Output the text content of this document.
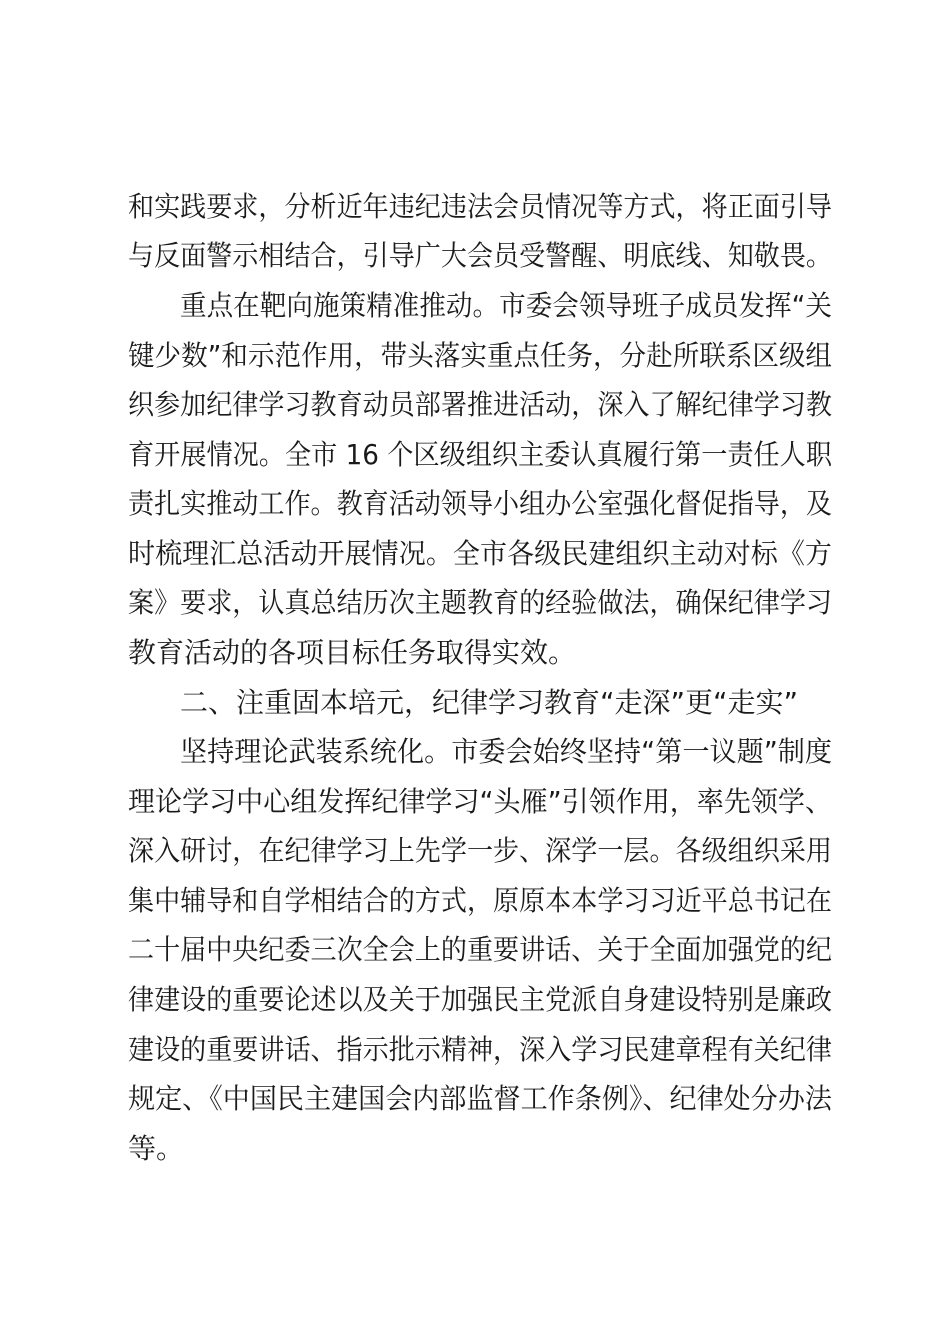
和实践要求，分析近年违纪违法会员情况等方式，将正面引导
与反面警示相结合，引导广大会员受警醒、明底线、知敬畏。
重点在靶向施策精准推动。市委会领导班子成员发挥“关
键少数”和示范作用，带头落实重点任务，分赴所联系区级组
织参加纪律学习教育动员部署推进活动，深入了解纪律学习教
育开展情况。全市 16 个区级组织主委认真履行第一责任人职
责扎实推动工作。教育活动领导小组办公室强化督促指导，及
时梳理汇总活动开展情况。全市各级民建组织主动对标《方
案》要求，认真总结历次主题教育的经验做法，确保纪律学习
教育活动的各项目标任务取得实效。
二、注重固本培元，纪律学习教育“走深”更“走实”
坚持理论武装系统化。市委会始终坚持“第一议题”制度
理论学习中心组发挥纪律学习“头雁”引领作用，率先领学、
深入研讨，在纪律学习上先学一步、深学一层。各级组织采用
集中辅导和自学相结合的方式，原原本本学习习近平总书记在
二十届中央纪委三次全会上的重要讲话、关于全面加强党的纪
律建设的重要论述以及关于加强民主党派自身建设特别是廉政
建设的重要讲话、指示批示精神，深入学习民建章程有关纪律
规定、《中国民主建国会内部监督工作条例》、纪律处分办法
等。
